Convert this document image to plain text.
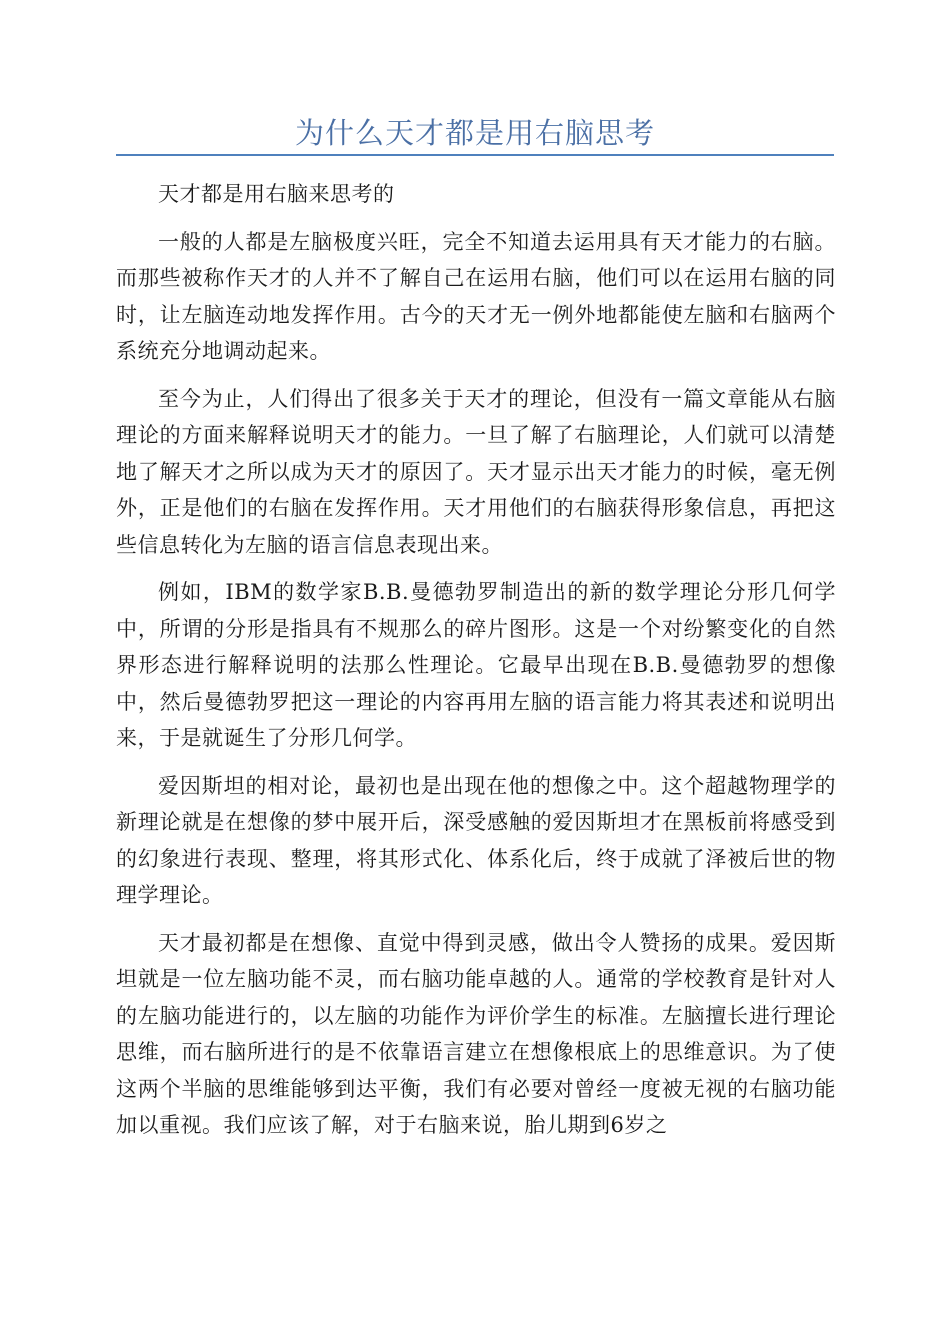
为什么天才都是用右脑思考

天才都是用右脑来思考的

一般的人都是左脑极度兴旺，完全不知道去运用具有天才能力的右脑。而那些被称作天才的人并不了解自己在运用右脑，他们可以在运用右脑的同时，让左脑连动地发挥作用。古今的天才无一例外地都能使左脑和右脑两个系统充分地调动起来。

至今为止，人们得出了很多关于天才的理论，但没有一篇文章能从右脑理论的方面来解释说明天才的能力。一旦了解了右脑理论，人们就可以清楚地了解天才之所以成为天才的原因了。天才显示出天才能力的时候，毫无例外，正是他们的右脑在发挥作用。天才用他们的右脑获得形象信息，再把这些信息转化为左脑的语言信息表现出来。

例如，IBM的数学家B.B.曼德勃罗制造出的新的数学理论分形几何学中，所谓的分形是指具有不规那么的碎片图形。这是一个对纷繁变化的自然界形态进行解释说明的法那么性理论。它最早出现在B.B.曼德勃罗的想像中，然后曼德勃罗把这一理论的内容再用左脑的语言能力将其表述和说明出来，于是就诞生了分形几何学。

爱因斯坦的相对论，最初也是出现在他的想像之中。这个超越物理学的新理论就是在想像的梦中展开后，深受感触的爱因斯坦才在黑板前将感受到的幻象进行表现、整理，将其形式化、体系化后，终于成就了泽被后世的物理学理论。

天才最初都是在想像、直觉中得到灵感，做出令人赞扬的成果。爱因斯坦就是一位左脑功能不灵，而右脑功能卓越的人。通常的学校教育是针对人的左脑功能进行的，以左脑的功能作为评价学生的标准。左脑擅长进行理论思维，而右脑所进行的是不依靠语言建立在想像根底上的思维意识。为了使这两个半脑的思维能够到达平衡，我们有必要对曾经一度被无视的右脑功能加以重视。我们应该了解，对于右脑来说，胎儿期到6岁之
